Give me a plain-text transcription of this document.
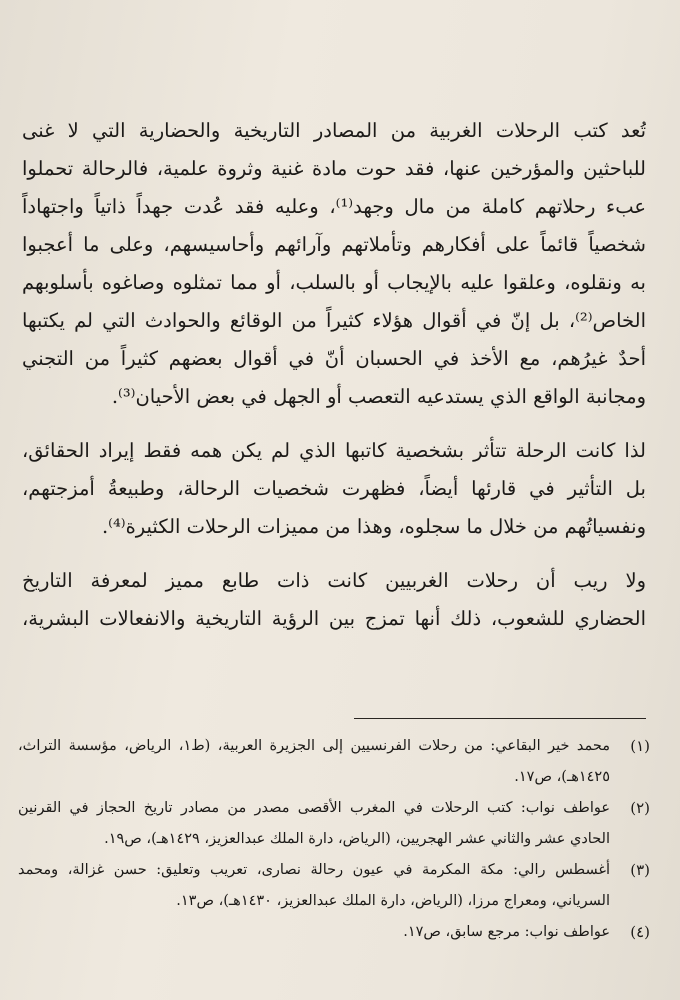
تُعد كتب الرحلات الغربية من المصادر التاريخية والحضارية التي لا غنى
للباحثين والمؤرخين عنها، فقد حوت مادة غنية وثروة علمية، فالرحالة تحملوا
عبء رحلاتهم كاملة من مال وجهد⁽¹⁾، وعليه فقد عُدت جهداً ذاتياً واجتهاداً
شخصياً قائماً على أفكارهم وتأملاتهم وآرائهم وأحاسيسهم، وعلى ما أعجبوا
به ونقلوه، وعلقوا عليه بالإيجاب أو بالسلب، أو مما تمثلوه وصاغوه بأسلوبهم
الخاص⁽²⁾، بل إنّ في أقوال هؤلاء كثيراً من الوقائع والحوادث التي لم يكتبها
أحدٌ غيرُهم، مع الأخذ في الحسبان أنّ في أقوال بعضهم كثيراً من التجني
ومجانبة الواقع الذي يستدعيه التعصب أو الجهل في بعض الأحيان⁽³⁾.
لذا كانت الرحلة تتأثر بشخصية كاتبها الذي لم يكن همه فقط إيراد الحقائق،
بل التأثير في قارئها أيضاً، فظهرت شخصيات الرحالة، وطبيعةُ أمزجتهم،
ونفسياتُهم من خلال ما سجلوه، وهذا من مميزات الرحلات الكثيرة⁽⁴⁾.
ولا ريب أن رحلات الغربيين كانت ذات طابع مميز لمعرفة التاريخ
الحضاري للشعوب، ذلك أنها تمزج بين الرؤية التاريخية والانفعالات البشرية،
(١)
محمد خير البقاعي: من رحلات الفرنسيين إلى الجزيرة العربية، (ط١، الرياض، مؤسسة التراث،
١٤٢٥هـ)، ص١٧.
(٢)
عواطف نواب: كتب الرحلات في المغرب الأقصى مصدر من مصادر تاريخ الحجاز في القرنين
الحادي عشر والثاني عشر الهجريين، (الرياض، دارة الملك عبدالعزيز، ١٤٢٩هـ)، ص١٩.
(٣)
أغسطس رالي: مكة المكرمة في عيون رحالة نصارى، تعريب وتعليق: حسن غزالة، ومحمد
السرياني، ومعراج مرزا، (الرياض، دارة الملك عبدالعزيز، ١٤٣٠هـ)، ص١٣.
(٤)
عواطف نواب: مرجع سابق، ص١٧.
